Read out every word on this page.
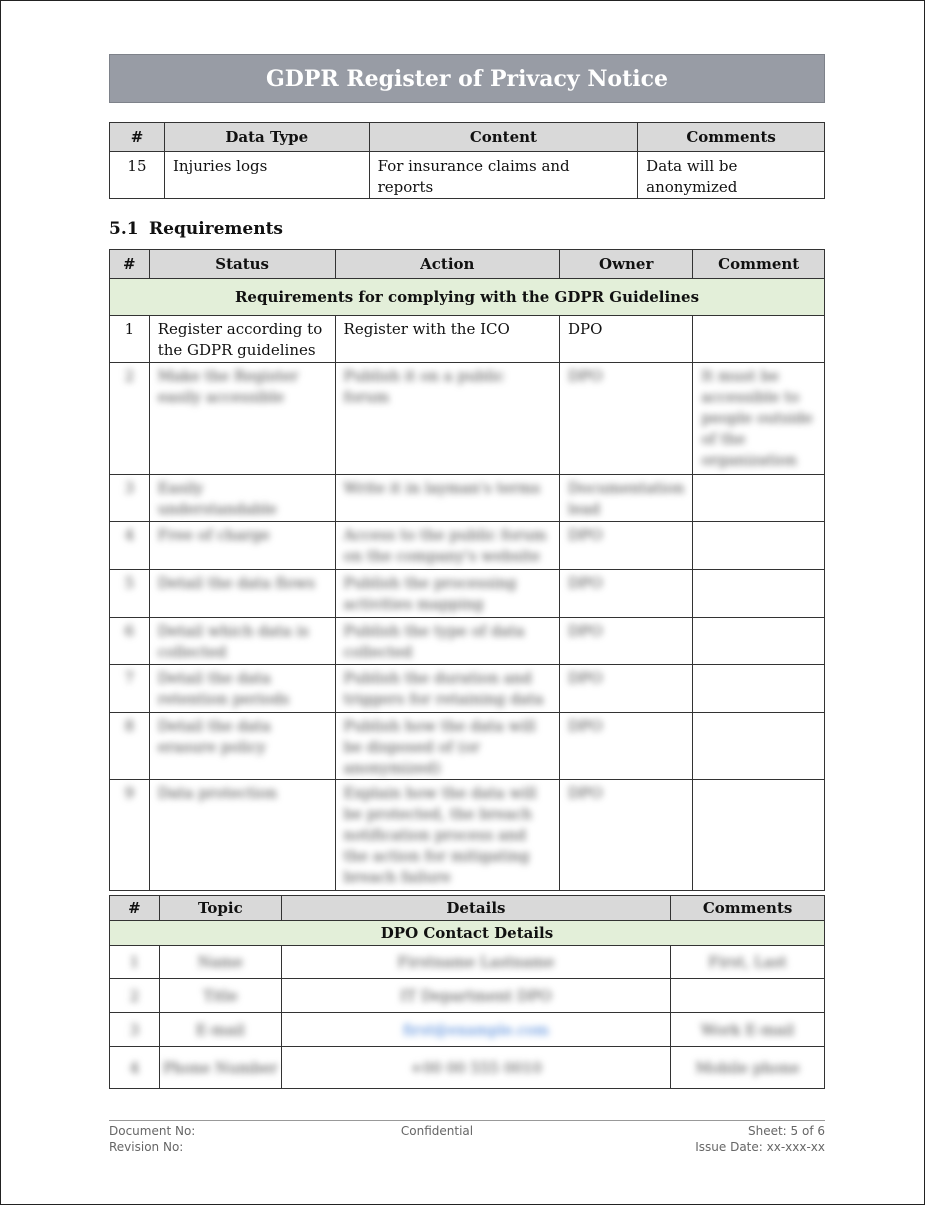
GDPR Register of Privacy Notice
#	Data Type	Content	Comments

15	Injuries logs	For insurance claims and reports	Data will be anonymized
5.1 Requirements
#	Status	Action	Owner	Comment
Requirements for complying with the GDPR Guidelines				

1	Register according to the GDPR guidelines	Register with the ICO	DPO	

2	Make the Register easily accessible	Publish it on a public forum	DPO	It must be accessible to people outside of the organization

3	Easily understandable	Write it in layman's terms	Documentation lead	

4	Free of charge	Access to the public forum on the company's website	DPO	

5	Detail the data flows	Publish the processing activities mapping	DPO	

6	Detail which data is collected	Publish the type of data collected	DPO	

7	Detail the data retention periods	Publish the duration and triggers for retaining data	DPO	

8	Detail the data erasure policy	Publish how the data will be disposed of (or anonymized)	DPO	

9	Data protection	Explain how the data will be protected, the breach notification process and the action for mitigating breach failure	DPO	

#	Topic	Details	Comments
DPO Contact Details			

1	Name	Firstname Lastname	First, Last

2	Title	IT Department DPO	

3	E-mail	first@example.com	Work E-mail

4	Phone Number	+00 00 555 0010	Mobile phone
Document No:	Confidential	Sheet: 5 of 6
Revision No:	Issue Date: xx-xxx-xx
